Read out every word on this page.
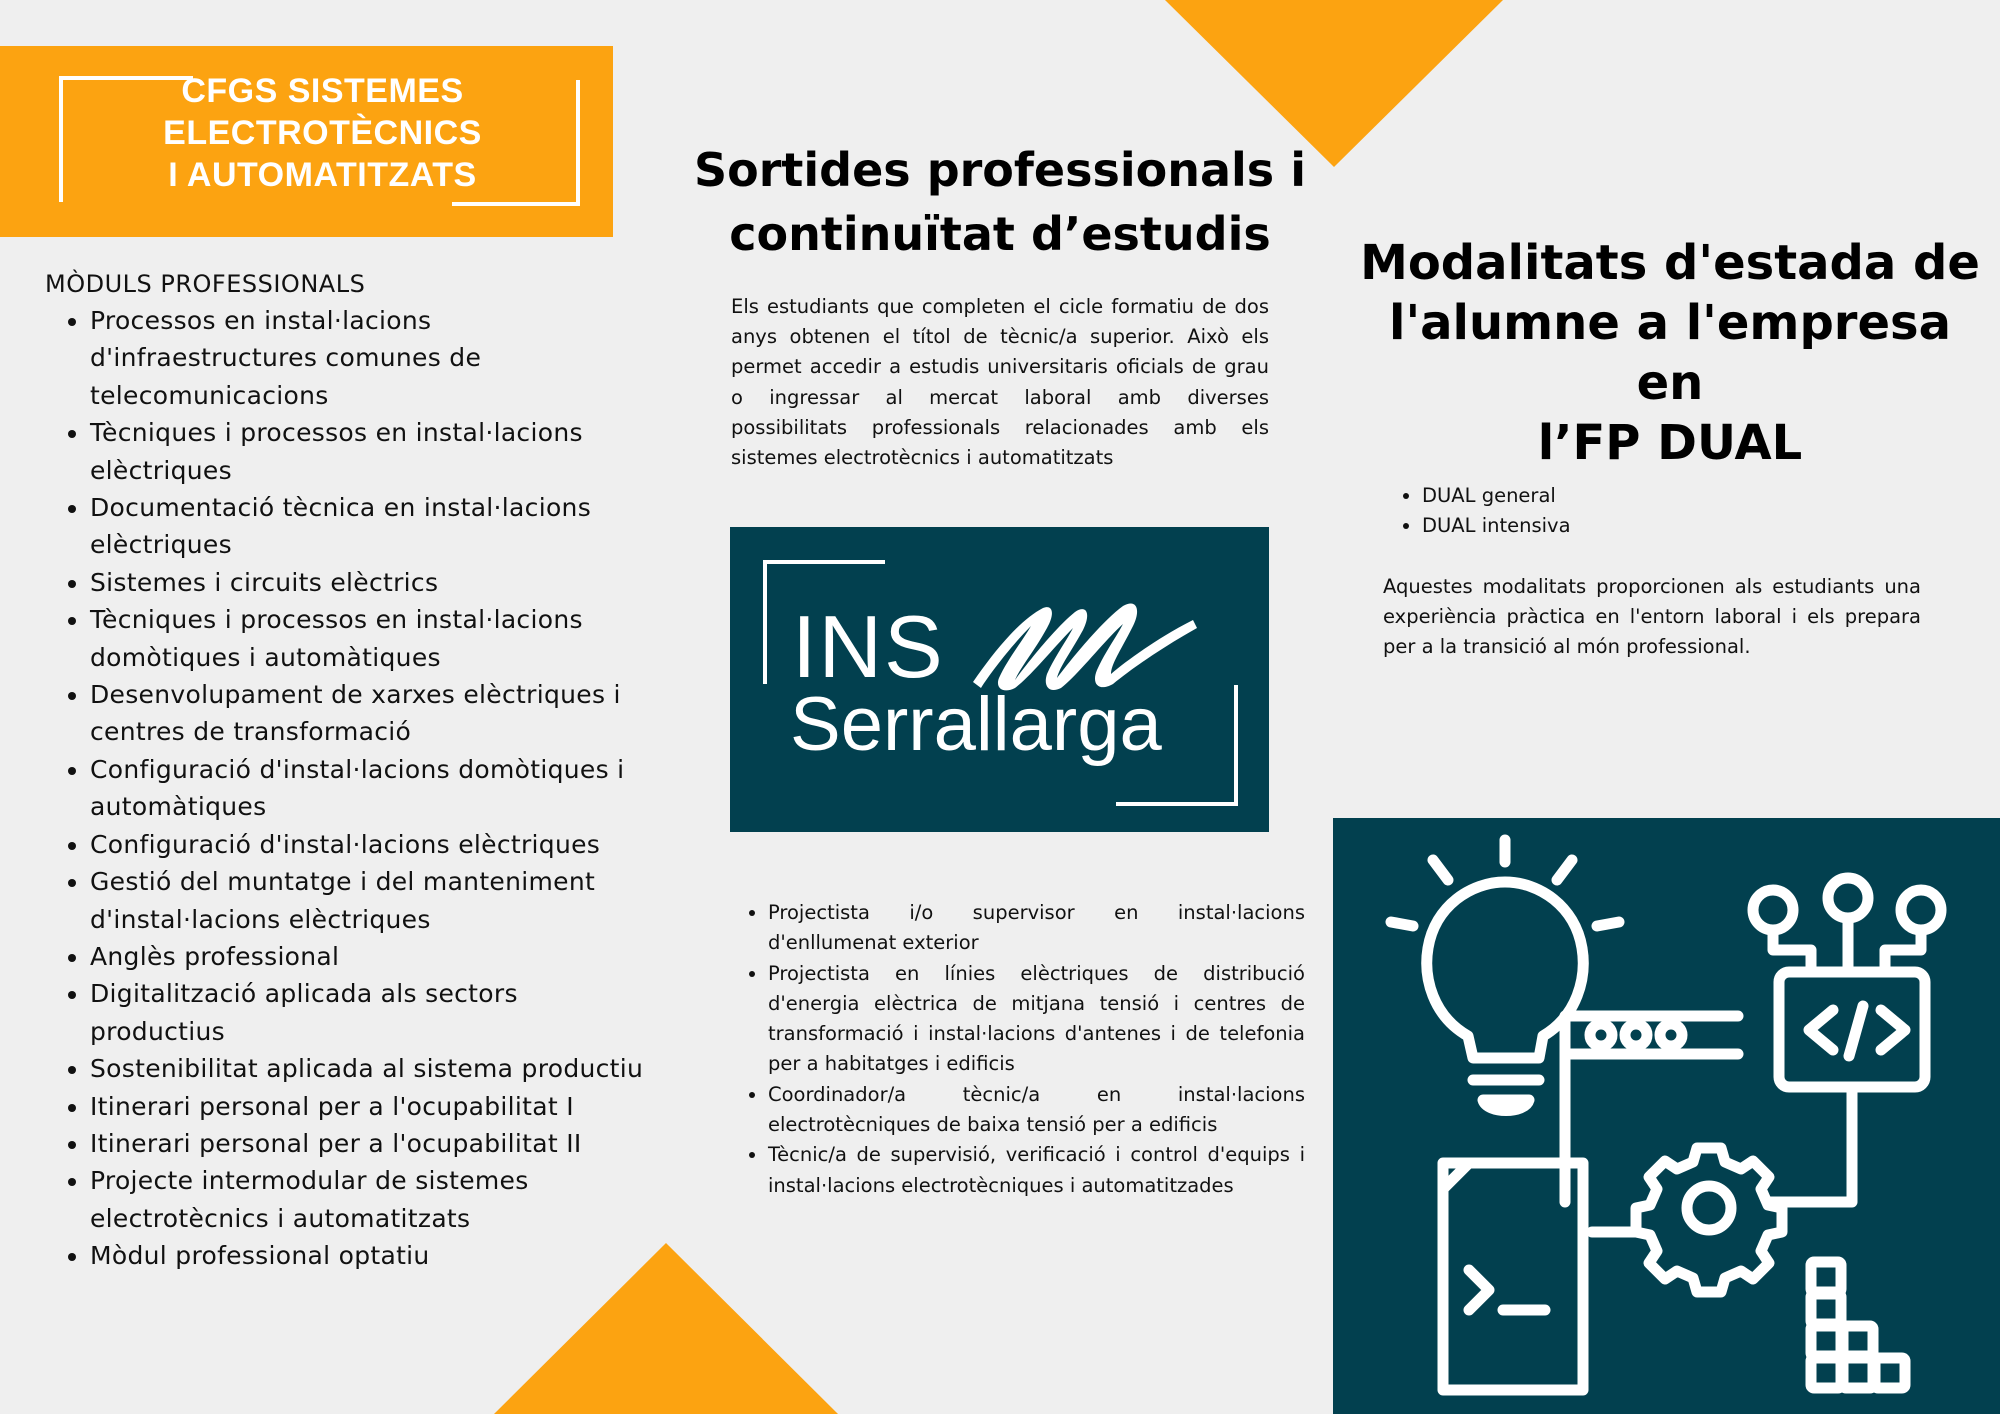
CFGS SISTEMES
ELECTROTÈCNICS
I AUTOMATITZATS
MÒDULS PROFESSIONALS
• Processos en instal·lacions d'infraestructures comunes de telecomunicacions
• Tècniques i processos en instal·lacions elèctriques
• Documentació tècnica en instal·lacions elèctriques
• Sistemes i circuits elèctrics
• Tècniques i processos en instal·lacions domòtiques i automàtiques
• Desenvolupament de xarxes elèctriques i centres de transformació
• Configuració d'instal·lacions domòtiques i automàtiques
• Configuració d'instal·lacions elèctriques
• Gestió del muntatge i del manteniment d'instal·lacions elèctriques
• Anglès professional
• Digitalització aplicada als sectors productius
• Sostenibilitat aplicada al sistema productiu
• Itinerari personal per a l'ocupabilitat I
• Itinerari personal per a l'ocupabilitat II
• Projecte intermodular de sistemes electrotècnics i automatitzats
• Mòdul professional optatiu
Sortides professionals i
continuïtat d’estudis

Els estudiants que completen el cicle formatiu de dos anys obtenen el títol de tècnic/a superior. Això els permet accedir a estudis universitaris oficials de grau o ingressar al mercat laboral amb diverses possibilitats professionals relacionades amb els sistemes electrotècnics i automatitzats

INS
Serrallarga
• Projectista i/o supervisor en instal·lacions d'enllumenat exterior
• Projectista en línies elèctriques de distribució d'energia elèctrica de mitjana tensió i centres de transformació i instal·lacions d'antenes i de telefonia per a habitatges i edificis
• Coordinador/a tècnic/a en instal·lacions electrotècniques de baixa tensió per a edificis
• Tècnic/a de supervisió, verificació i control d'equips i instal·lacions electrotècniques i automatitzades
Modalitats d'estada de
l'alumne a l'empresa en
l’FP DUAL
• DUAL general
• DUAL intensiva

Aquestes modalitats proporcionen als estudiants una experiència pràctica en l'entorn laboral i els prepara per a la transició al món professional.
